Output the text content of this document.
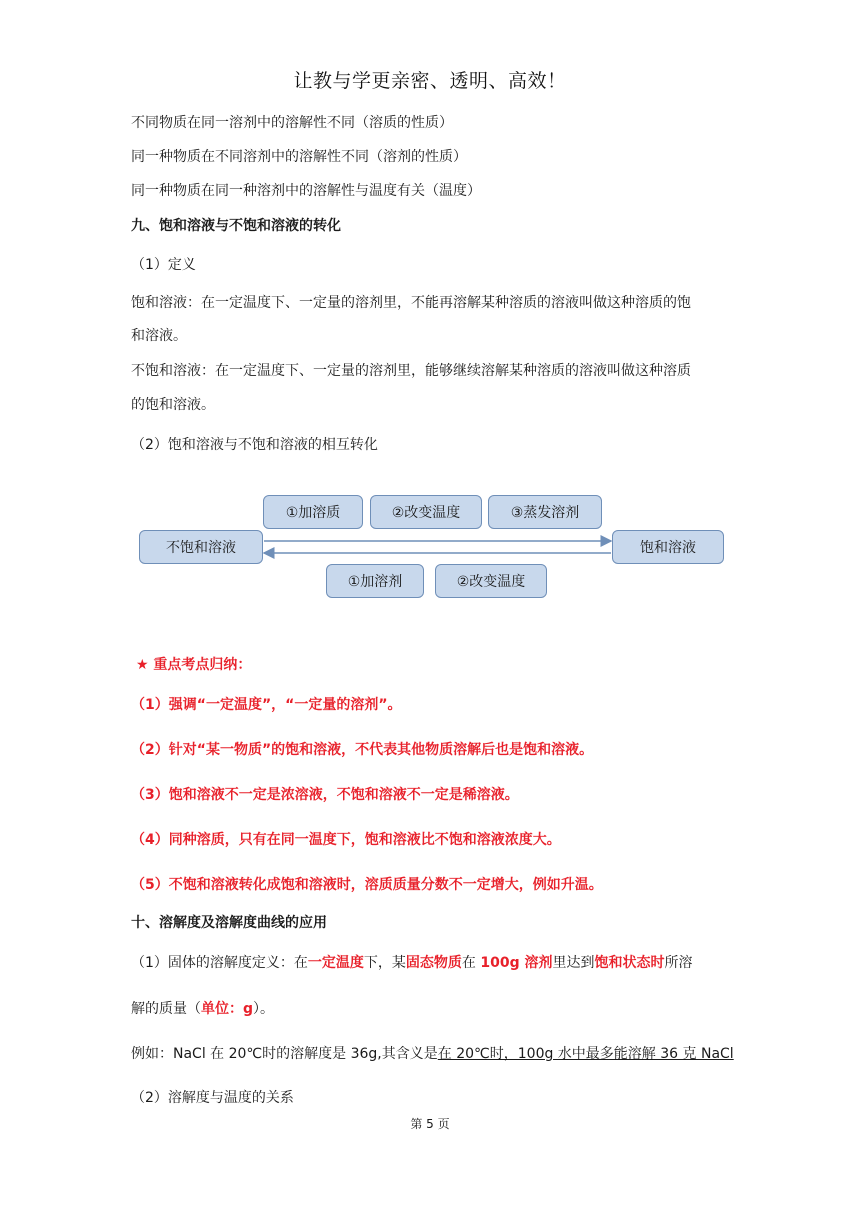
让教与学更亲密、透明、高效！
不同物质在同一溶剂中的溶解性不同（溶质的性质）
同一种物质在不同溶剂中的溶解性不同（溶剂的性质）
同一种物质在同一种溶剂中的溶解性与温度有关（温度）
九、饱和溶液与不饱和溶液的转化
（1）定义
饱和溶液：在一定温度下、一定量的溶剂里，不能再溶解某种溶质的溶液叫做这种溶质的饱
和溶液。
不饱和溶液：在一定温度下、一定量的溶剂里，能够继续溶解某种溶质的溶液叫做这种溶质
的饱和溶液。
（2）饱和溶液与不饱和溶液的相互转化
不饱和溶液	饱和溶液
①加溶质	②改变温度	③蒸发溶剂
①加溶剂	②改变温度
★ 重点考点归纳：
（1）强调“一定温度”，“一定量的溶剂”。
（2）针对“某一物质”的饱和溶液，不代表其他物质溶解后也是饱和溶液。
（3）饱和溶液不一定是浓溶液，不饱和溶液不一定是稀溶液。
（4）同种溶质，只有在同一温度下，饱和溶液比不饱和溶液浓度大。
（5）不饱和溶液转化成饱和溶液时，溶质质量分数不一定增大，例如升温。
十、溶解度及溶解度曲线的应用
（1）固体的溶解度定义：在一定温度下，某固态物质在 100g 溶剂里达到饱和状态时所溶
解的质量（单位：g）。
例如：NaCl 在 20℃时的溶解度是 36g,其含义是在 20℃时，100g 水中最多能溶解 36 克 NaCl
（2）溶解度与温度的关系
第 5 页
